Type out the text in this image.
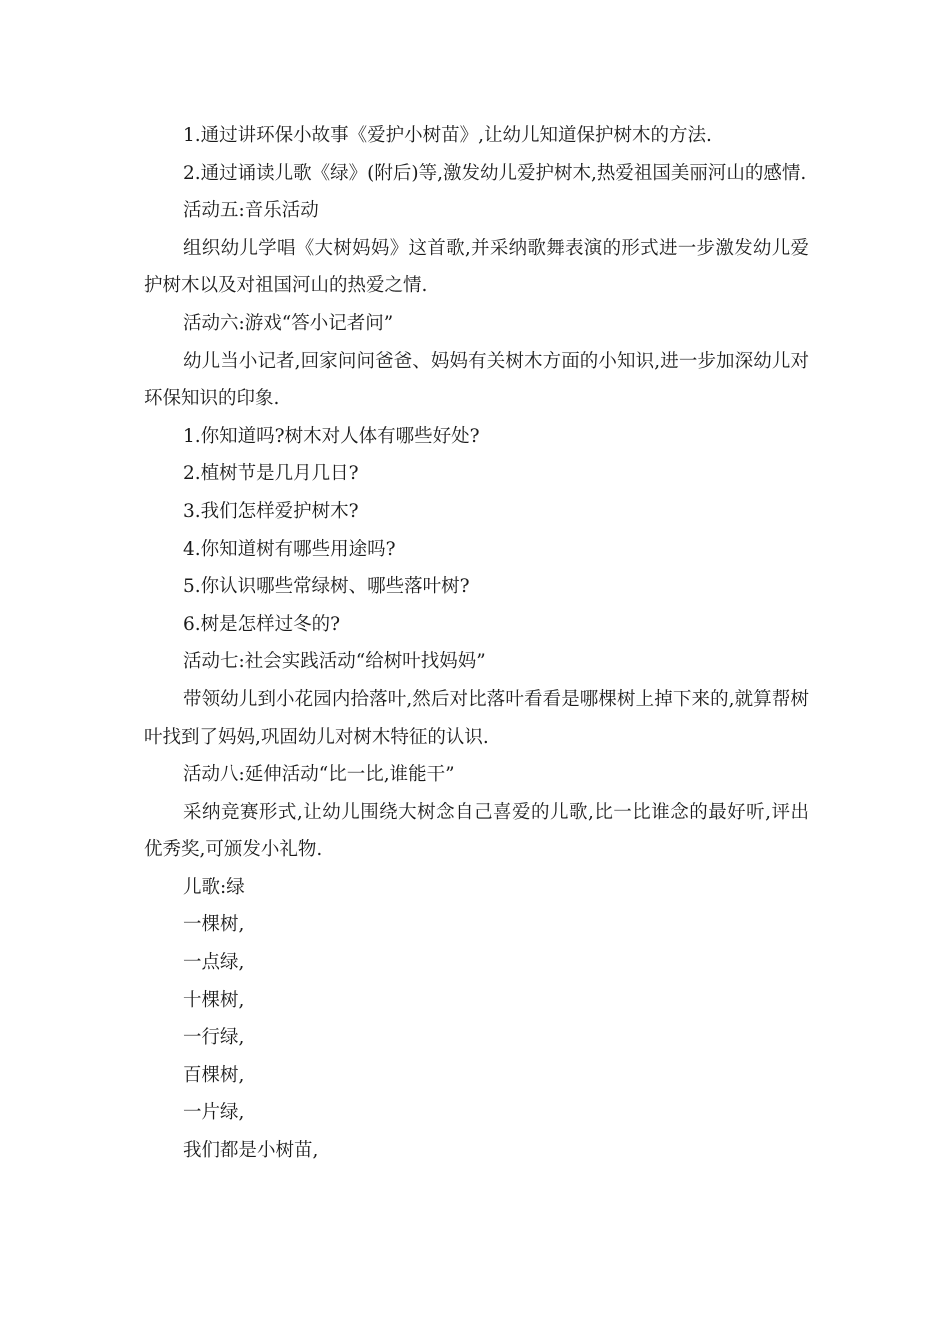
1.通过讲环保小故事《爱护小树苗》,让幼儿知道保护树木的方法.

2.通过诵读儿歌《绿》(附后)等,激发幼儿爱护树木,热爱祖国美丽河山的感情.

活动五:音乐活动

组织幼儿学唱《大树妈妈》这首歌,并采纳歌舞表演的形式进一步激发幼儿爱护树木以及对祖国河山的热爱之情.

活动六:游戏“答小记者问”

幼儿当小记者,回家问问爸爸、妈妈有关树木方面的小知识,进一步加深幼儿对环保知识的印象.

1.你知道吗?树木对人体有哪些好处?

2.植树节是几月几日?

3.我们怎样爱护树木?

4.你知道树有哪些用途吗?

5.你认识哪些常绿树、哪些落叶树?

6.树是怎样过冬的?

活动七:社会实践活动“给树叶找妈妈”

带领幼儿到小花园内拾落叶,然后对比落叶看看是哪棵树上掉下来的,就算帮树叶找到了妈妈,巩固幼儿对树木特征的认识.

活动八:延伸活动“比一比,谁能干”

采纳竞赛形式,让幼儿围绕大树念自己喜爱的儿歌,比一比谁念的最好听,评出优秀奖,可颁发小礼物.

儿歌:绿

一棵树,

一点绿,

十棵树,

一行绿,

百棵树,

一片绿,

我们都是小树苗,
